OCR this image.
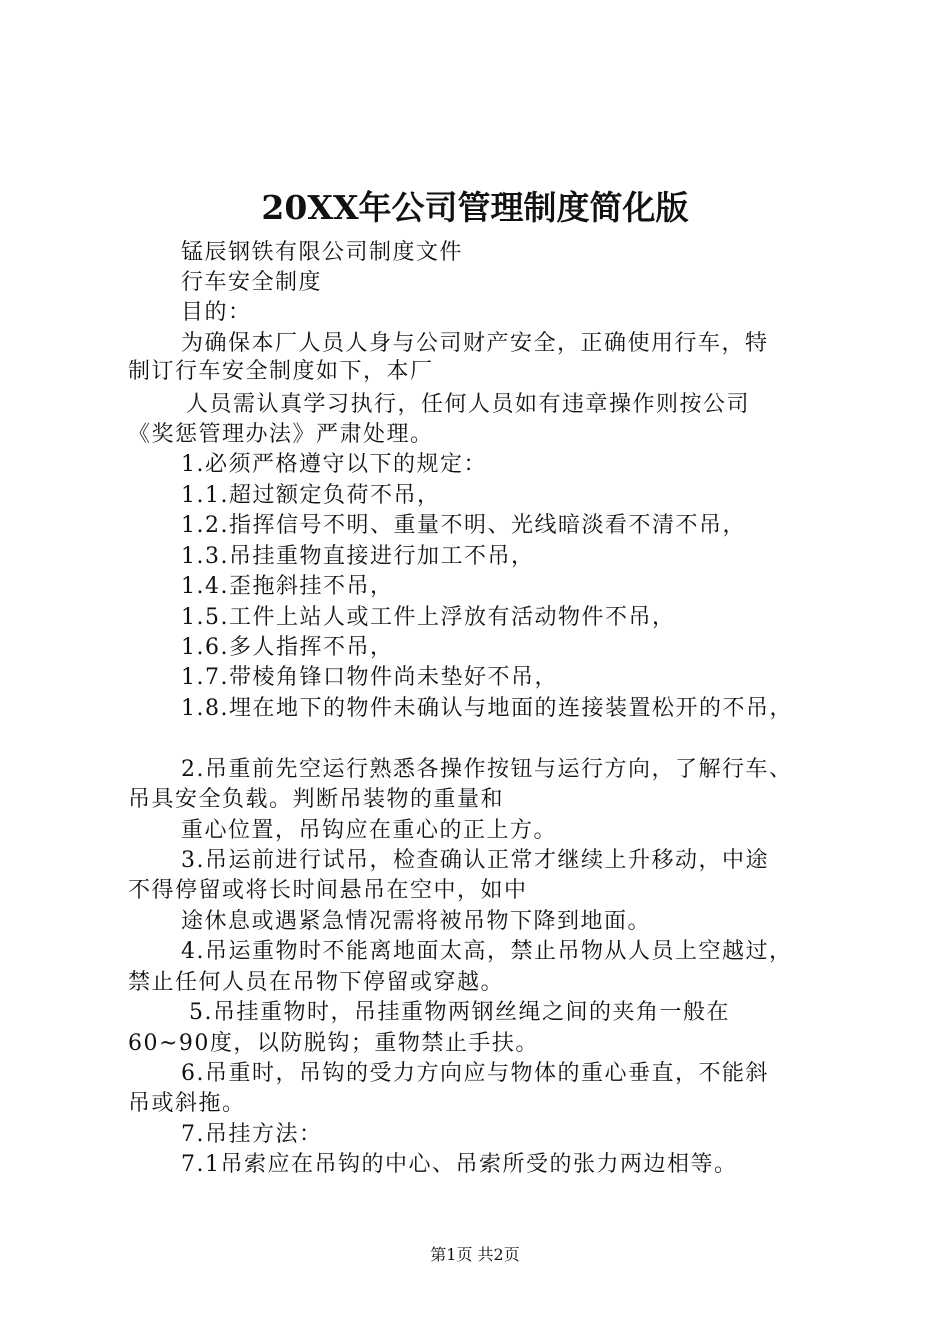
20XX年公司管理制度简化版
锰辰钢铁有限公司制度文件
行车安全制度
目的：
为确保本厂人员人身与公司财产安全，正确使用行车，特
制订行车安全制度如下，本厂
人员需认真学习执行，任何人员如有违章操作则按公司
《奖惩管理办法》严肃处理。
1.必须严格遵守以下的规定：
1.1.超过额定负荷不吊，
1.2.指挥信号不明、重量不明、光线暗淡看不清不吊，
1.3.吊挂重物直接进行加工不吊，
1.4.歪拖斜挂不吊，
1.5.工件上站人或工件上浮放有活动物件不吊，
1.6.多人指挥不吊，
1.7.带棱角锋口物件尚未垫好不吊，
1.8.埋在地下的物件未确认与地面的连接装置松开的不吊，
2.吊重前先空运行熟悉各操作按钮与运行方向，了解行车、
吊具安全负载。判断吊装物的重量和
重心位置，吊钩应在重心的正上方。
3.吊运前进行试吊，检查确认正常才继续上升移动，中途
不得停留或将长时间悬吊在空中，如中
途休息或遇紧急情况需将被吊物下降到地面。
4.吊运重物时不能离地面太高，禁止吊物从人员上空越过，
禁止任何人员在吊物下停留或穿越。
5.吊挂重物时，吊挂重物两钢丝绳之间的夹角一般在
60~90度，以防脱钩；重物禁止手扶。
6.吊重时，吊钩的受力方向应与物体的重心垂直，不能斜
吊或斜拖。
7.吊挂方法：
7.1吊索应在吊钩的中心、吊索所受的张力两边相等。
第1页 共2页
